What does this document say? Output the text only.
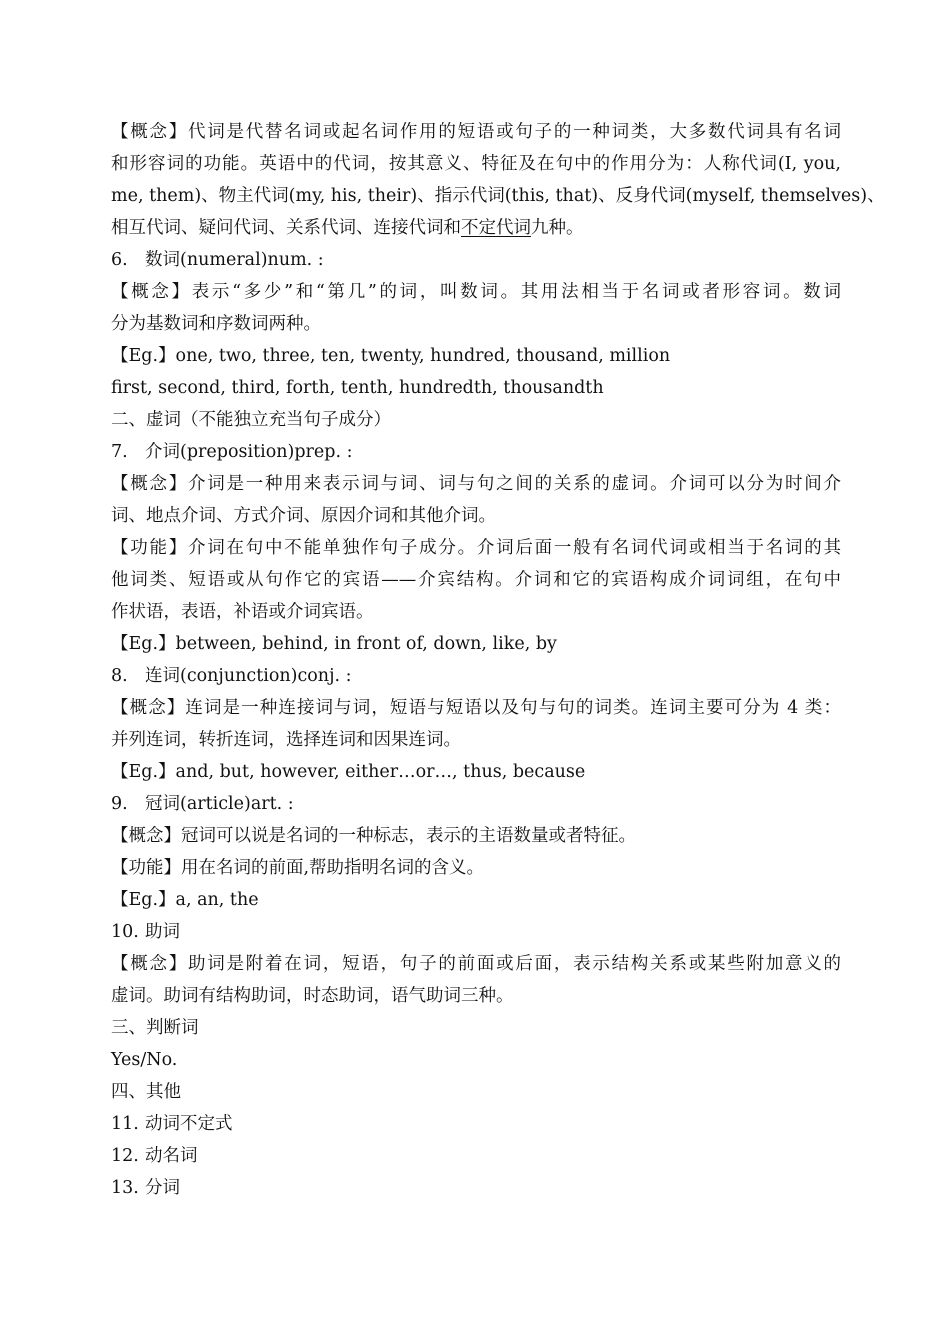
【概念】代词是代替名词或起名词作用的短语或句子的一种词类，大多数代词具有名词
和形容词的功能。英语中的代词，按其意义、特征及在句中的作用分为：人称代词(I, you,
me, them)、物主代词(my, his, their)、指示代词(this, that)、反身代词(myself, themselves)、
相互代词、疑问代词、关系代词、连接代词和不定代词九种。
6. 数词(numeral)num. :
【概念】表示“多少”和“第几”的词，叫数词。其用法相当于名词或者形容词。数词
分为基数词和序数词两种。
【Eg.】one, two, three, ten, twenty, hundred, thousand, million
first, second, third, forth, tenth, hundredth, thousandth
二、虚词（不能独立充当句子成分）
7. 介词(preposition)prep. :
【概念】介词是一种用来表示词与词、词与句之间的关系的虚词。介词可以分为时间介
词、地点介词、方式介词、原因介词和其他介词。
【功能】介词在句中不能单独作句子成分。介词后面一般有名词代词或相当于名词的其
他词类、短语或从句作它的宾语——介宾结构。介词和它的宾语构成介词词组，在句中
作状语，表语，补语或介词宾语。
【Eg.】between, behind, in front of, down, like, by
8. 连词(conjunction)conj. :
【概念】连词是一种连接词与词，短语与短语以及句与句的词类。连词主要可分为 4 类：
并列连词，转折连词，选择连词和因果连词。
【Eg.】and, but, however, either…or…, thus, because
9. 冠词(article)art. :
【概念】冠词可以说是名词的一种标志，表示的主语数量或者特征。
【功能】用在名词的前面,帮助指明名词的含义。
【Eg.】a, an, the
10. 助词
【概念】助词是附着在词，短语，句子的前面或后面，表示结构关系或某些附加意义的
虚词。助词有结构助词，时态助词，语气助词三种。
三、判断词
Yes/No.
四、其他
11. 动词不定式
12. 动名词
13. 分词
